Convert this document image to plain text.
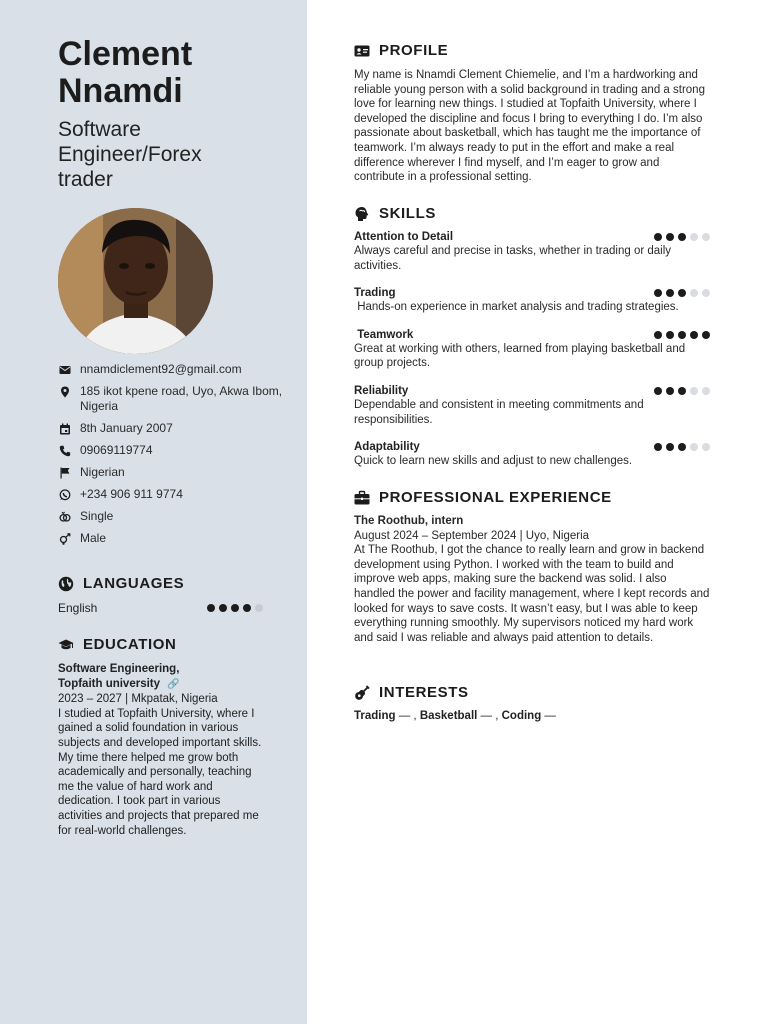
Clement
Nnamdi
Software Engineer/Forex trader
nnamdiclement92@gmail.com
185 ikot kpene road, Uyo, Akwa Ibom, Nigeria
8th January 2007
09069119774
Nigerian
+234 906 911 9774
Single
Male
LANGUAGES
English
EDUCATION
Software Engineering,
Topfaith university 🔗
2023 – 2027 | Mkpatak, Nigeria
I studied at Topfaith University, where I gained a solid foundation in various subjects and developed important skills. My time there helped me grow both academically and personally, teaching me the value of hard work and dedication. I took part in various activities and projects that prepared me for real-world challenges.
PROFILE
My name is Nnamdi Clement Chiemelie, and I’m a hardworking and reliable young person with a solid background in trading and a strong love for learning new things. I studied at Topfaith University, where I developed the discipline and focus I bring to everything I do. I’m also passionate about basketball, which has taught me the importance of teamwork. I’m always ready to put in the effort and make a real difference wherever I find myself, and I’m eager to grow and contribute in a professional setting.
SKILLS
Attention to Detail
Always careful and precise in tasks, whether in trading or daily activities.
Trading
Hands-on experience in market analysis and trading strategies.
Teamwork
Great at working with others, learned from playing basketball and group projects.
Reliability
Dependable and consistent in meeting commitments and responsibilities.
Adaptability
Quick to learn new skills and adjust to new challenges.
PROFESSIONAL EXPERIENCE
The Roothub, intern
August 2024 – September 2024 | Uyo, Nigeria
At The Roothub, I got the chance to really learn and grow in backend development using Python. I worked with the team to build and improve web apps, making sure the backend was solid. I also handled the power and facility management, where I kept records and looked for ways to save costs. It wasn’t easy, but I was able to keep everything running smoothly. My supervisors noticed my hard work and said I was reliable and always paid attention to details.
INTERESTS
Trading — , Basketball — , Coding —
